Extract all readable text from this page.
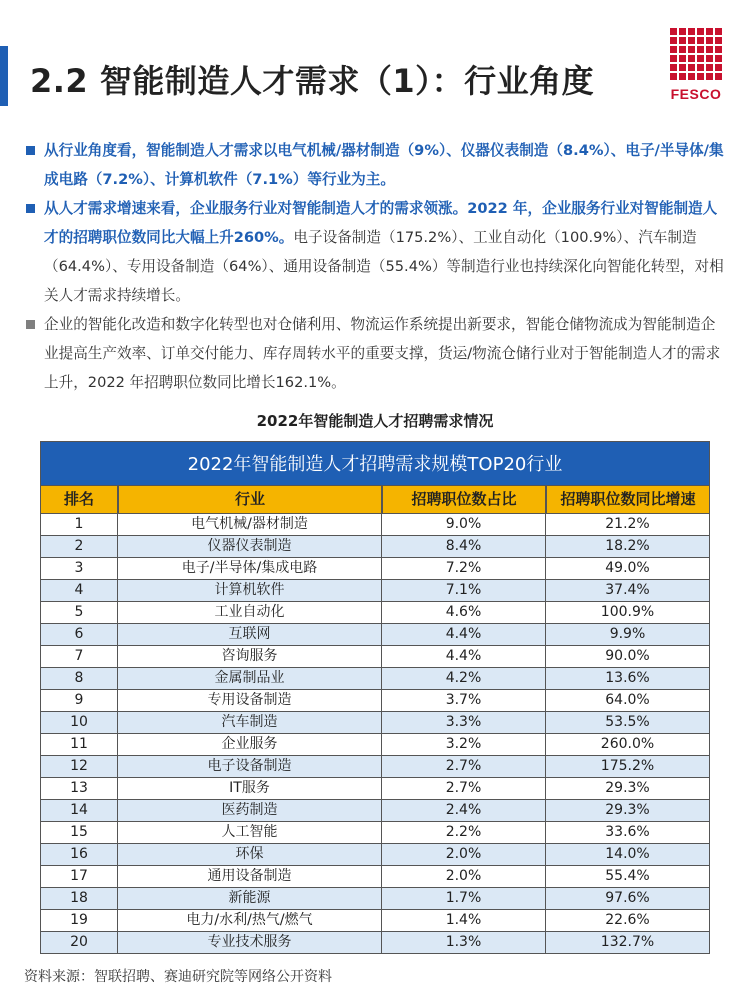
2.2 智能制造人才需求（1）：行业角度	FESCO
从行业角度看，智能制造人才需求以电气机械/器材制造（9%）、仪器仪表制造（8.4%）、电子/半导体/集成电路（7.2%）、计算机软件（7.1%）等行业为主。
从人才需求增速来看，企业服务行业对智能制造人才的需求领涨。2022 年，企业服务行业对智能制造人才的招聘职位数同比大幅上升260%。电子设备制造（175.2%）、工业自动化（100.9%）、汽车制造（64.4%）、专用设备制造（64%）、通用设备制造（55.4%）等制造行业也持续深化向智能化转型，对相关人才需求持续增长。
企业的智能化改造和数字化转型也对仓储利用、物流运作系统提出新要求，智能仓储物流成为智能制造企业提高生产效率、订单交付能力、库存周转水平的重要支撑，货运/物流仓储行业对于智能制造人才的需求上升，2022 年招聘职位数同比增长162.1%。
2022年智能制造人才招聘需求情况
2022年智能制造人才招聘需求规模TOP20行业
排名	行业	招聘职位数占比	招聘职位数同比增速
1	电气机械/器材制造	9.0%	21.2%
2	仪器仪表制造	8.4%	18.2%
3	电子/半导体/集成电路	7.2%	49.0%
4	计算机软件	7.1%	37.4%
5	工业自动化	4.6%	100.9%
6	互联网	4.4%	9.9%
7	咨询服务	4.4%	90.0%
8	金属制品业	4.2%	13.6%
9	专用设备制造	3.7%	64.0%
10	汽车制造	3.3%	53.5%
11	企业服务	3.2%	260.0%
12	电子设备制造	2.7%	175.2%
13	IT服务	2.7%	29.3%
14	医药制造	2.4%	29.3%
15	人工智能	2.2%	33.6%
16	环保	2.0%	14.0%
17	通用设备制造	2.0%	55.4%
18	新能源	1.7%	97.6%
19	电力/水利/热气/燃气	1.4%	22.6%
20	专业技术服务	1.3%	132.7%
资料来源：智联招聘、赛迪研究院等网络公开资料
